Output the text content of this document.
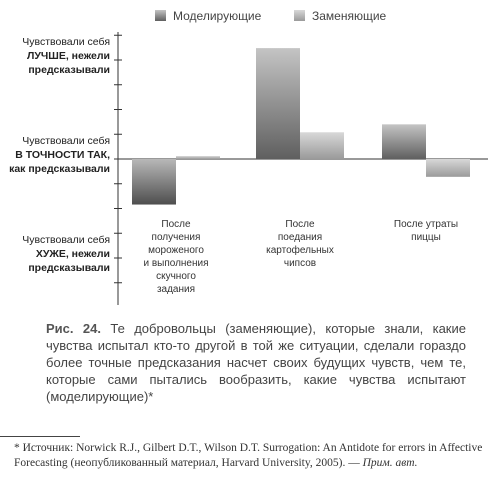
Моделирующие	Заменяющие
Чувствовали себя
ЛУЧШЕ, нежели
предсказывали
Чувствовали себя
В ТОЧНОСТИ ТАК,
как предсказывали
Чувствовали себя
ХУЖЕ, нежели
предсказывали
После
получения
мороженого
и выполнения
скучного
задания
После
поедания
картофельных
чипсов
После утраты
пиццы
Рис. 24. Те добровольцы (заменяющие), которые знали, какие чувства испытал кто-то другой в той же ситуации, сделали гораздо более точные предсказания насчет своих будущих чувств, чем те, которые сами пытались вообразить, какие чувства испытают (моделирующие)*
* Источник: Norwick R.J., Gilbert D.T., Wilson D.T. Surrogation: An Antidote for errors in Affective Forecasting (неопубликованный материал, Harvard University, 2005). — Прим. авт.
